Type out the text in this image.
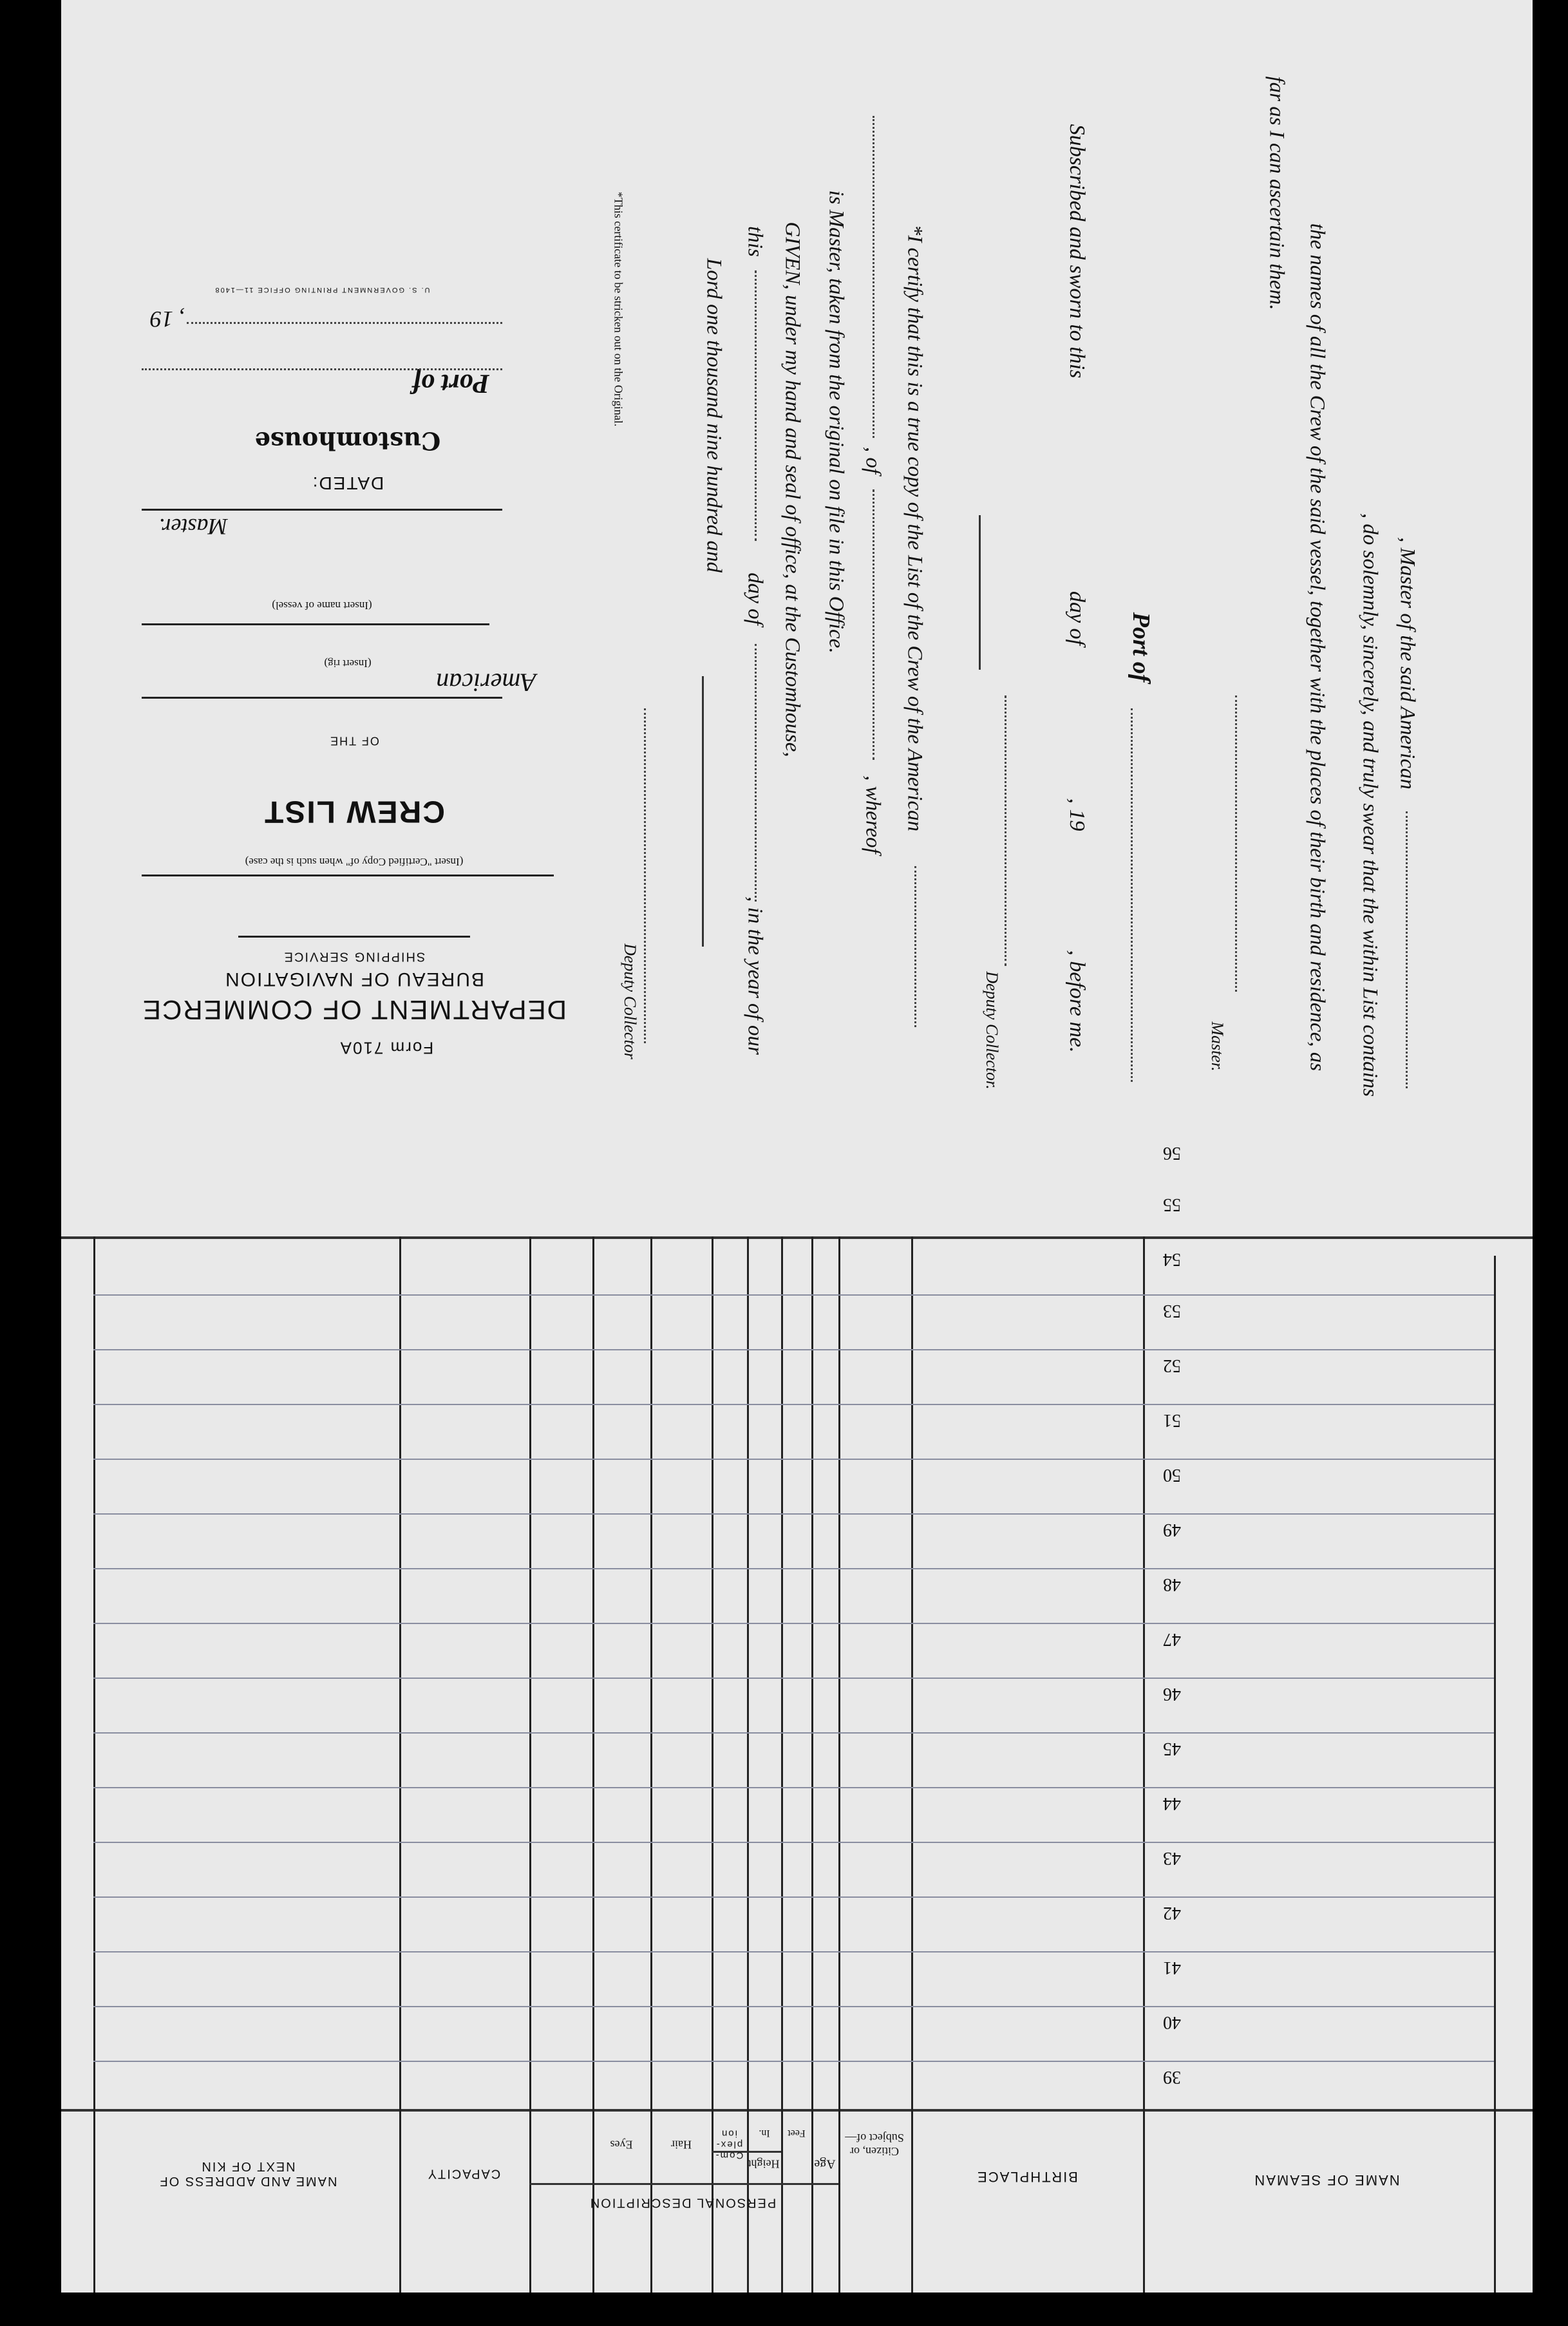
Form 710A
DEPARTMENT OF COMMERCE
BUREAU OF NAVIGATION
SHIPPING SERVICE
(Insert "Certified Copy of" when such is the case)
CREW LIST
OF THE
American
(Insert rig)
(Insert name of vessel)
Master.
DATED:
Customhouse
Port of
, 19
U. S. GOVERNMENT PRINTING OFFICE 11—1408
, Master of the said American
, do solemnly, sincerely, and truly swear that the within List contains
the names of all the Crew of the said vessel, together with the places of their birth and residence, as
far as I can ascertain them.
Master.
Port of
Subscribed and sworn to this
day of
, 19
, before me.
Deputy Collector.
*I certify that this is a true copy of the List of the Crew of the American
, of
, whereof
is Master, taken from the original on file in this Office.
GIVEN, under my hand and seal of office, at the Customhouse,
this
day of
, in the year of our
Lord one thousand nine hundred and
Deputy Collector
*This certificate to be stricken out on the Original.
39
40
41
42
43
44
45
46
47
48
49
50
51
52
53
54
55
56
NAME OF SEAMAN
BIRTHPLACE
Citizen, or Subject of—
Age
Height
In. Feet
Com- plex- ion
Hair
Eyes
PERSONAL DESCRIPTION
CAPACITY
NAME AND ADDRESS OF NEXT OF KIN
